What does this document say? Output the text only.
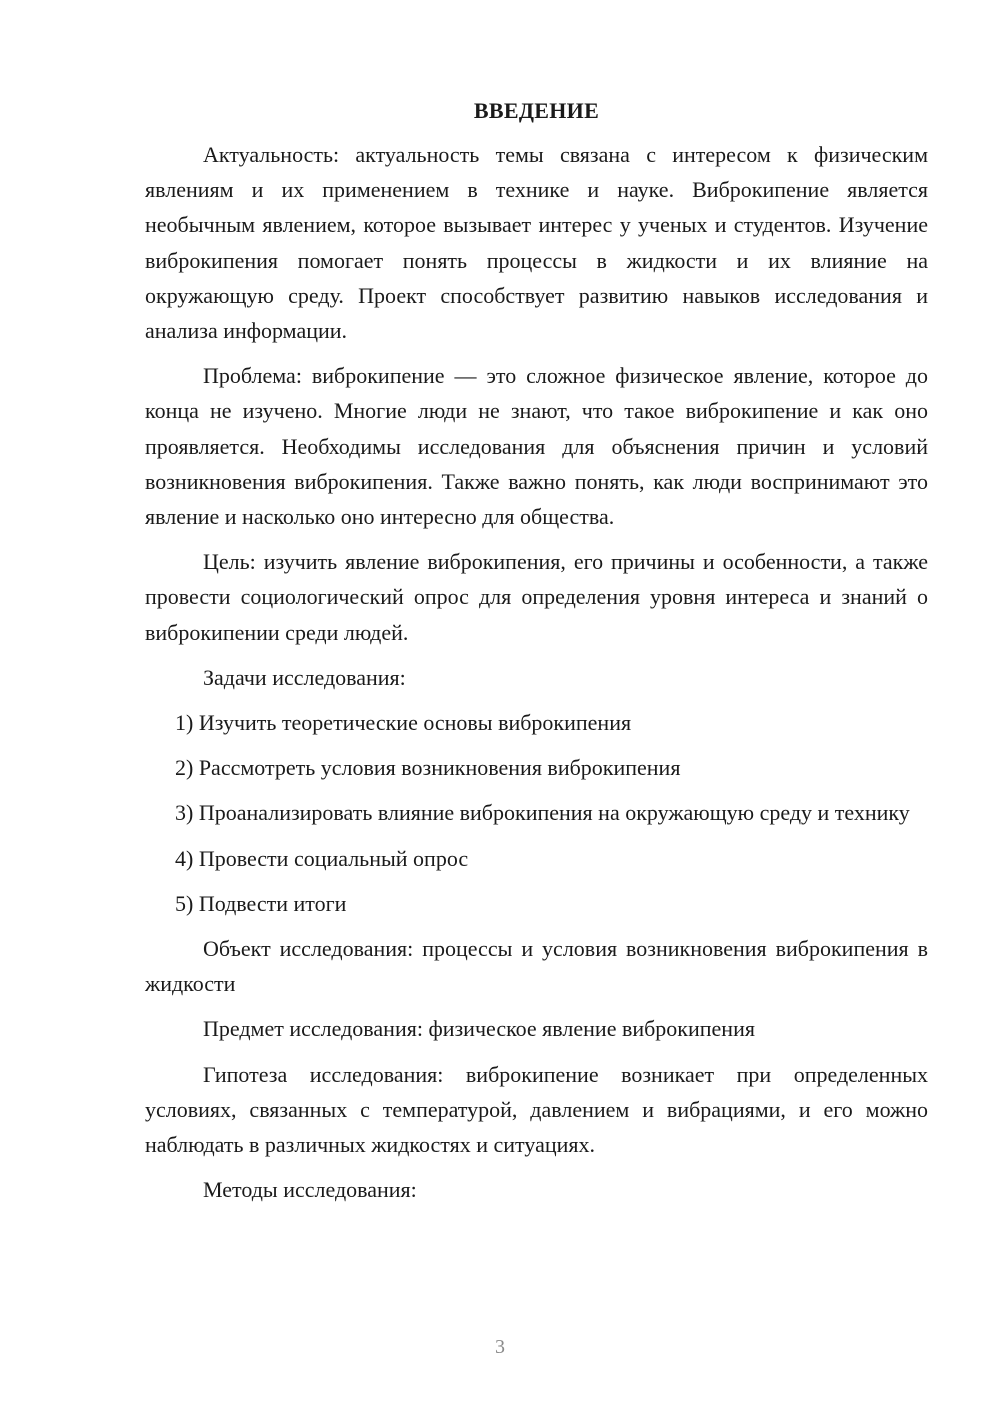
ВВЕДЕНИЕ

Актуальность: актуальность темы связана с интересом к физическим явлениям и их применением в технике и науке. Виброкипение является необычным явлением, которое вызывает интерес у ученых и студентов. Изучение виброкипения помогает понять процессы в жидкости и их влияние на окружающую среду. Проект способствует развитию навыков исследования и анализа информации.

Проблема: виброкипение — это сложное физическое явление, которое до конца не изучено. Многие люди не знают, что такое виброкипение и как оно проявляется. Необходимы исследования для объяснения причин и условий возникновения виброкипения. Также важно понять, как люди воспринимают это явление и насколько оно интересно для общества.

Цель: изучить явление виброкипения, его причины и особенности, а также провести социологический опрос для определения уровня интереса и знаний о виброкипении среди людей.

Задачи исследования:

1) Изучить теоретические основы виброкипения

2) Рассмотреть условия возникновения виброкипения

3) Проанализировать влияние виброкипения на окружающую среду и технику

4) Провести социальный опрос

5) Подвести итоги

Объект исследования: процессы и условия возникновения виброкипения в жидкости

Предмет исследования: физическое явление виброкипения

Гипотеза исследования: виброкипение возникает при определенных условиях, связанных с температурой, давлением и вибрациями, и его можно наблюдать в различных жидкостях и ситуациях.

Методы исследования:

3
